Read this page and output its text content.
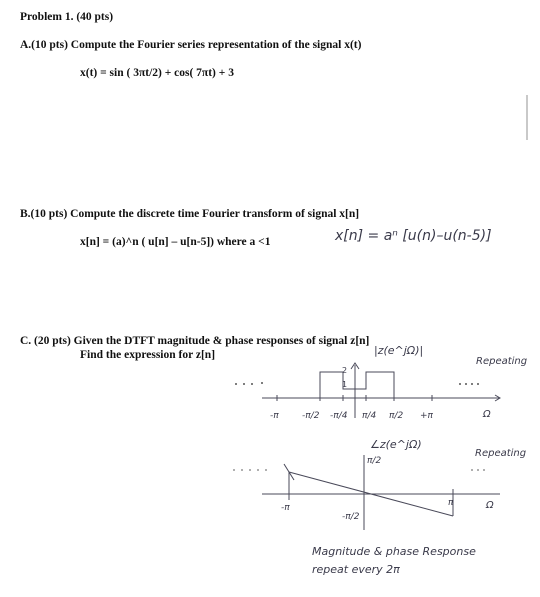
Problem 1. (40 pts)
A.(10 pts) Compute the Fourier series representation of the signal x(t)
x(t) = sin ( 3πt/2) + cos( 7πt) + 3
B.(10 pts) Compute the discrete time Fourier transform of signal x[n]
x[n] = (a)^n ( u[n] – u[n-5]) where a <1	x[n] = aⁿ [u(n)–u(n-5)]
C. (20 pts) Given the DTFT magnitude & phase responses of signal z[n]
Find the expression for z[n]	|z(e^jΩ)|
2
1
Repeating
Ω
-π	-π/2 -π/4 π/4 π/2 +π
∠z(e^jΩ)
π/2
Repeating
-π	π	Ω
-π/2
Magnitude & phase Response
repeat every 2π
